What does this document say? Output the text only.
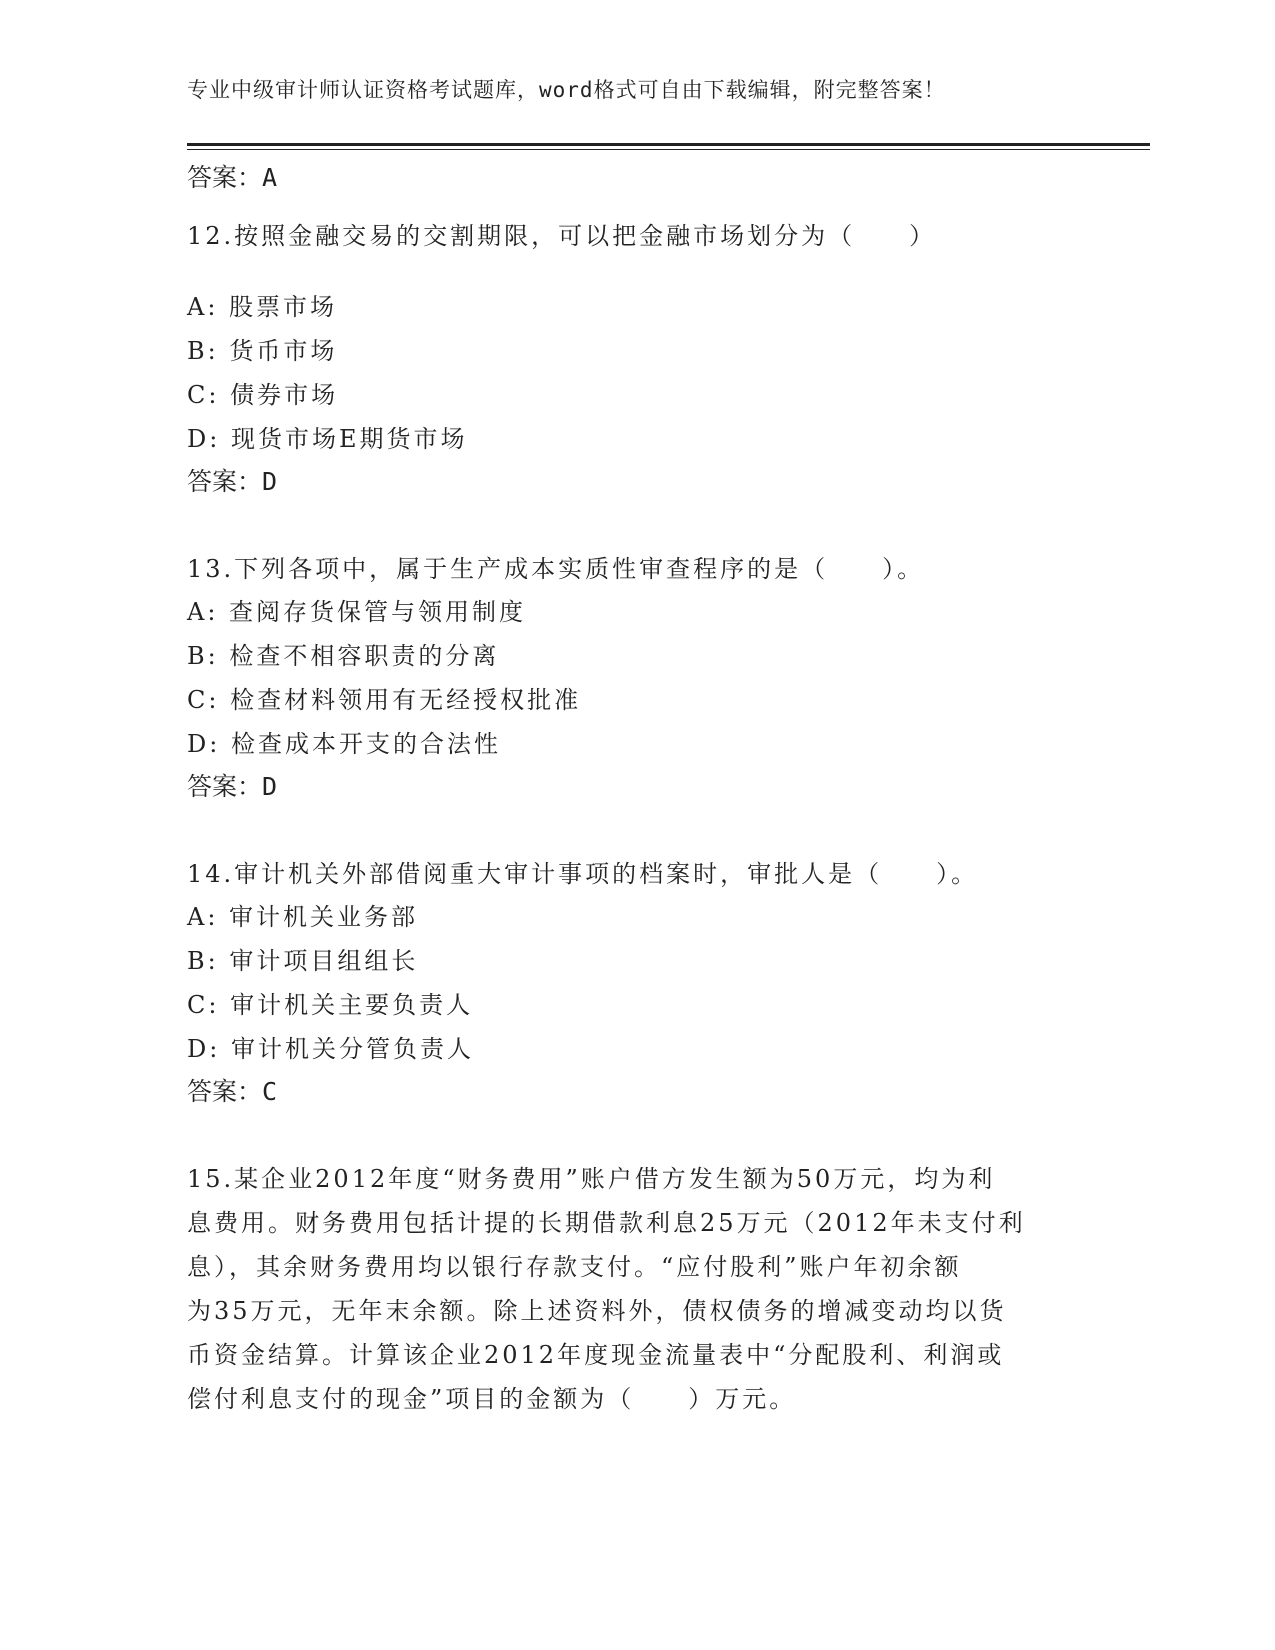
专业中级审计师认证资格考试题库，word格式可自由下载编辑，附完整答案！
答案：A
12.按照金融交易的交割期限，可以把金融市场划分为（　　）
A: 股票市场
B: 货币市场
C: 债券市场
D: 现货市场E期货市场
答案：D
13.下列各项中，属于生产成本实质性审查程序的是（　　）。
A: 查阅存货保管与领用制度
B: 检查不相容职责的分离
C: 检查材料领用有无经授权批准
D: 检查成本开支的合法性
答案：D
14.审计机关外部借阅重大审计事项的档案时，审批人是（　　）。
A: 审计机关业务部
B: 审计项目组组长
C: 审计机关主要负责人
D: 审计机关分管负责人
答案：C
15.某企业2012年度“财务费用”账户借方发生额为50万元，均为利
息费用。财务费用包括计提的长期借款利息25万元（2012年未支付利
息），其余财务费用均以银行存款支付。“应付股利”账户年初余额
为35万元，无年末余额。除上述资料外，债权债务的增减变动均以货
币资金结算。计算该企业2012年度现金流量表中“分配股利、利润或
偿付利息支付的现金”项目的金额为（　　）万元。
